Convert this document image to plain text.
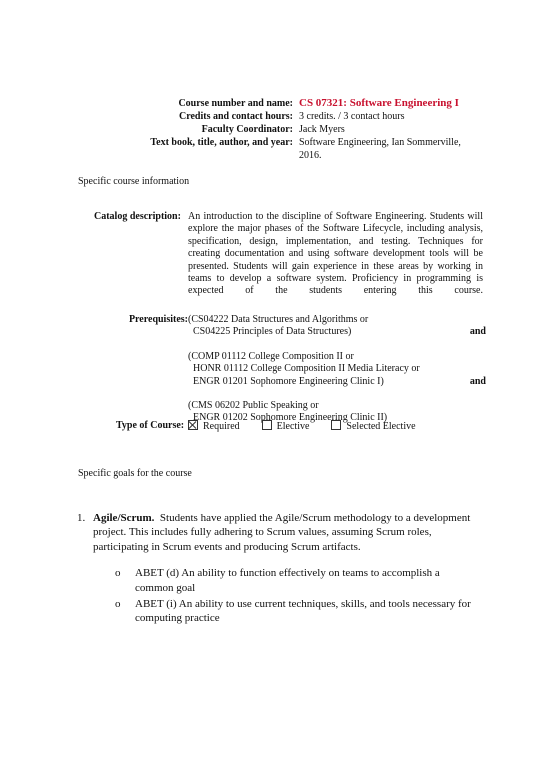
Course number and name: CS 07321: Software Engineering I
Credits and contact hours: 3 credits. / 3 contact hours
Faculty Coordinator: Jack Myers
Text book, title, author, and year: Software Engineering, Ian Sommerville, 2016.
Specific course information
Catalog description: An introduction to the discipline of Software Engineering. Students will explore the major phases of the Software Lifecycle, including analysis, specification, design, implementation, and testing. Techniques for creating documentation and using software development tools will be presented. Students will gain experience in these areas by working in teams to develop a software system. Proficiency in programming is expected of the students entering this course.
Prerequisites: (CS04222 Data Structures and Algorithms or
CS04225 Principles of Data Structures)	and
(COMP 01112 College Composition II or
HONR 01112 College Composition II Media Literacy or
ENGR 01201 Sophomore Engineering Clinic I)	and
(CMS 06202 Public Speaking or
ENGR 01202 Sophomore Engineering Clinic II)
Type of Course:	Required	Elective	Selected Elective
Specific goals for the course
1. Agile/Scrum. Students have applied the Agile/Scrum methodology to a development project. This includes fully adhering to Scrum values, assuming Scrum roles, participating in Scrum events and producing Scrum artifacts.
o ABET (d) An ability to function effectively on teams to accomplish a common goal
o ABET (i) An ability to use current techniques, skills, and tools necessary for computing practice
